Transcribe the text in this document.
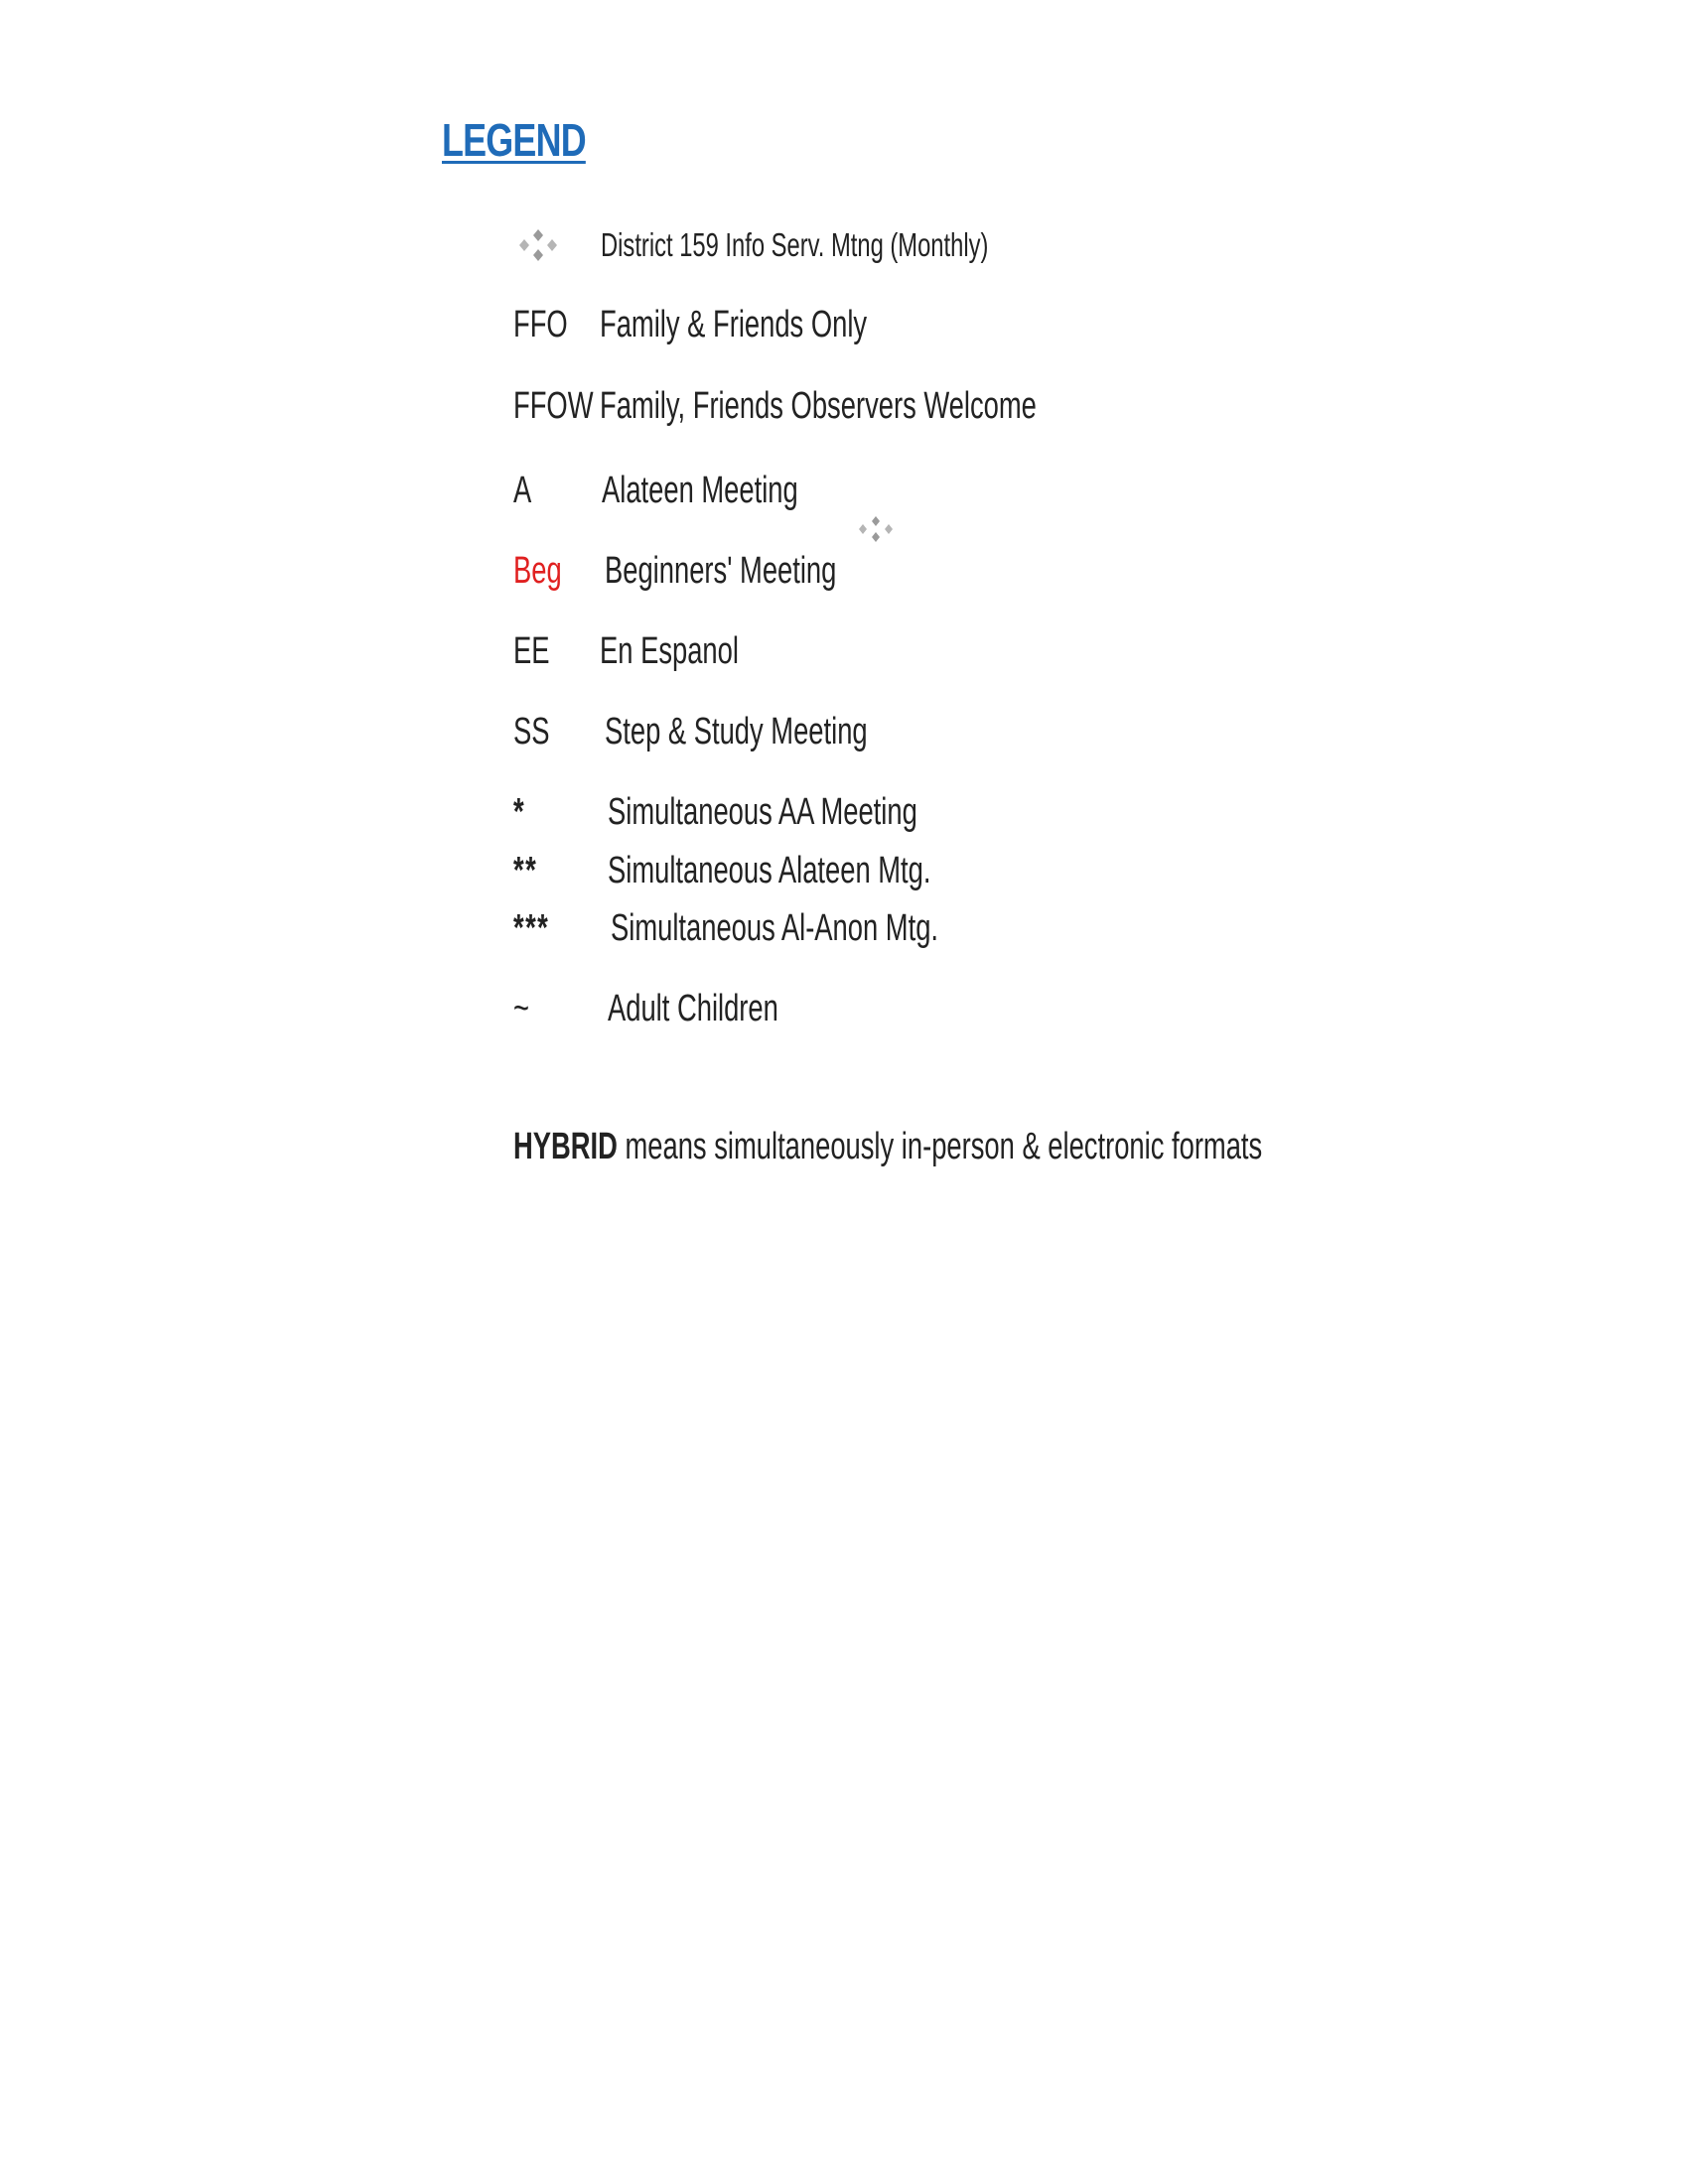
LEGEND
District 159 Info Serv. Mtng (Monthly)
FFO Family & Friends Only
FFOW Family, Friends Observers Welcome
A Alateen Meeting
Beg Beginners' Meeting
EE En Espanol
SS Step & Study Meeting
* Simultaneous AA Meeting
** Simultaneous Alateen Mtg.
*** Simultaneous Al-Anon Mtg.
~ Adult Children
HYBRID means simultaneously in-person & electronic formats
